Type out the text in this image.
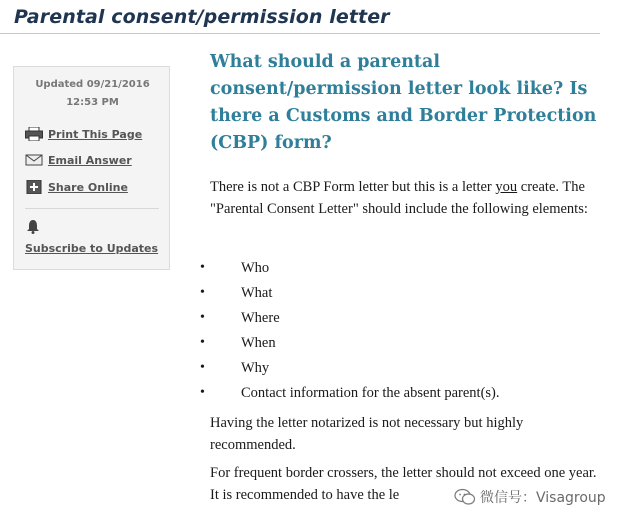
Parental consent/permission letter
Updated 09/21/2016
12:53 PM
Print This Page
Email Answer
Share Online
Subscribe to Updates
What should a parental consent/permission letter look like? Is there a Customs and Border Protection (CBP) form?
There is not a CBP Form letter but this is a letter you create. The "Parental Consent Letter" should include the following elements:
• Who
• What
• Where
• When
• Why
• Contact information for the absent parent(s).
Having the letter notarized is not necessary but highly recommended.
For frequent border crossers, the letter should not exceed one year. It is recommended to have the le	微信号：Visagroup
